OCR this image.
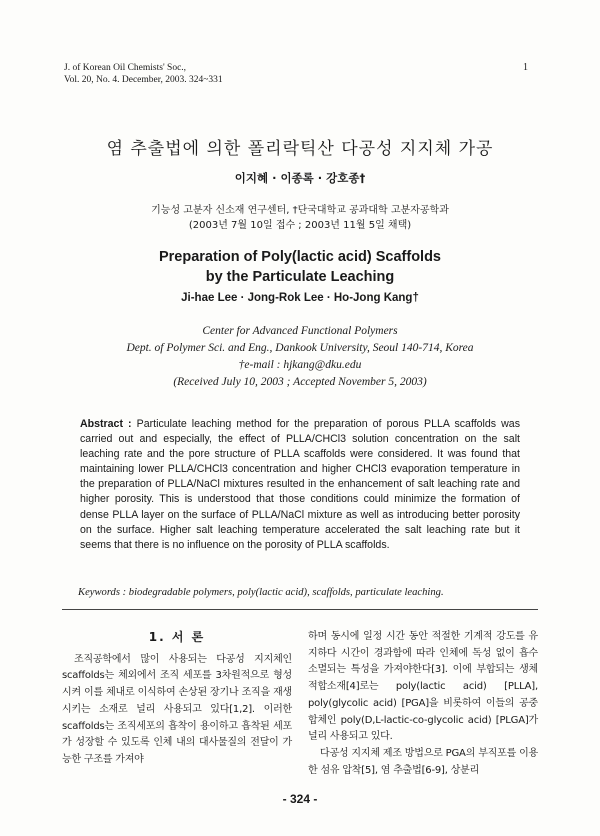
J. of Korean Oil Chemists' Soc.,
Vol. 20, No. 4. December, 2003. 324~331
1
염 추출법에 의한 폴리락틱산 다공성 지지체 가공
이지혜 · 이종록 · 강호종†
기능성 고분자 신소재 연구센터, †단국대학교 공과대학 고분자공학과
(2003년 7월 10일 접수 ; 2003년 11월 5일 채택)
Preparation of Poly(lactic acid) Scaffolds
by the Particulate Leaching
Ji-hae Lee · Jong-Rok Lee · Ho-Jong Kang†
Center for Advanced Functional Polymers
Dept. of Polymer Sci. and Eng., Dankook University, Seoul 140-714, Korea
†e-mail : hjkang@dku.edu
(Received July 10, 2003 ; Accepted November 5, 2003)
Abstract : Particulate leaching method for the preparation of porous PLLA scaffolds was carried out and especially, the effect of PLLA/CHCl3 solution concentration on the salt leaching rate and the pore structure of PLLA scaffolds were considered. It was found that maintaining lower PLLA/CHCl3 concentration and higher CHCl3 evaporation temperature in the preparation of PLLA/NaCl mixtures resulted in the enhancement of salt leaching rate and higher porosity. This is understood that those conditions could minimize the formation of dense PLLA layer on the surface of PLLA/NaCl mixture as well as introducing better porosity on the surface. Higher salt leaching temperature accelerated the salt leaching rate but it seems that there is no influence on the porosity of PLLA scaffolds.
Keywords : biodegradable polymers, poly(lactic acid), scaffolds, particulate leaching.
1. 서 론

조직공학에서 많이 사용되는 다공성 지지체인 scaffolds는 체외에서 조직 세포를 3차원적으로 형성시켜 이를 체내로 이식하여 손상된 장기나 조직을 재생시키는 소재로 널리 사용되고 있다[1,2]. 이러한 scaffolds는 조직세포의 흡착이 용이하고 흡착된 세포가 성장할 수 있도록 인체 내의 대사물질의 전달이 가능한 구조를 가져야

하며 동시에 일정 시간 동안 적절한 기계적 강도를 유지하다 시간이 경과함에 따라 인체에 독성 없이 흡수 소멸되는 특성을 가져야한다[3]. 이에 부합되는 생체적합소재[4]로는 poly(lactic acid) [PLLA], poly(glycolic acid) [PGA]을 비롯하여 이들의 공중합체인 poly(D,L-lactic-co-glycolic acid) [PLGA]가 널리 사용되고 있다.

다공성 지지체 제조 방법으로 PGA의 부직포를 이용한 섬유 압착[5], 염 추출법[6-9], 상분리

- 324 -
